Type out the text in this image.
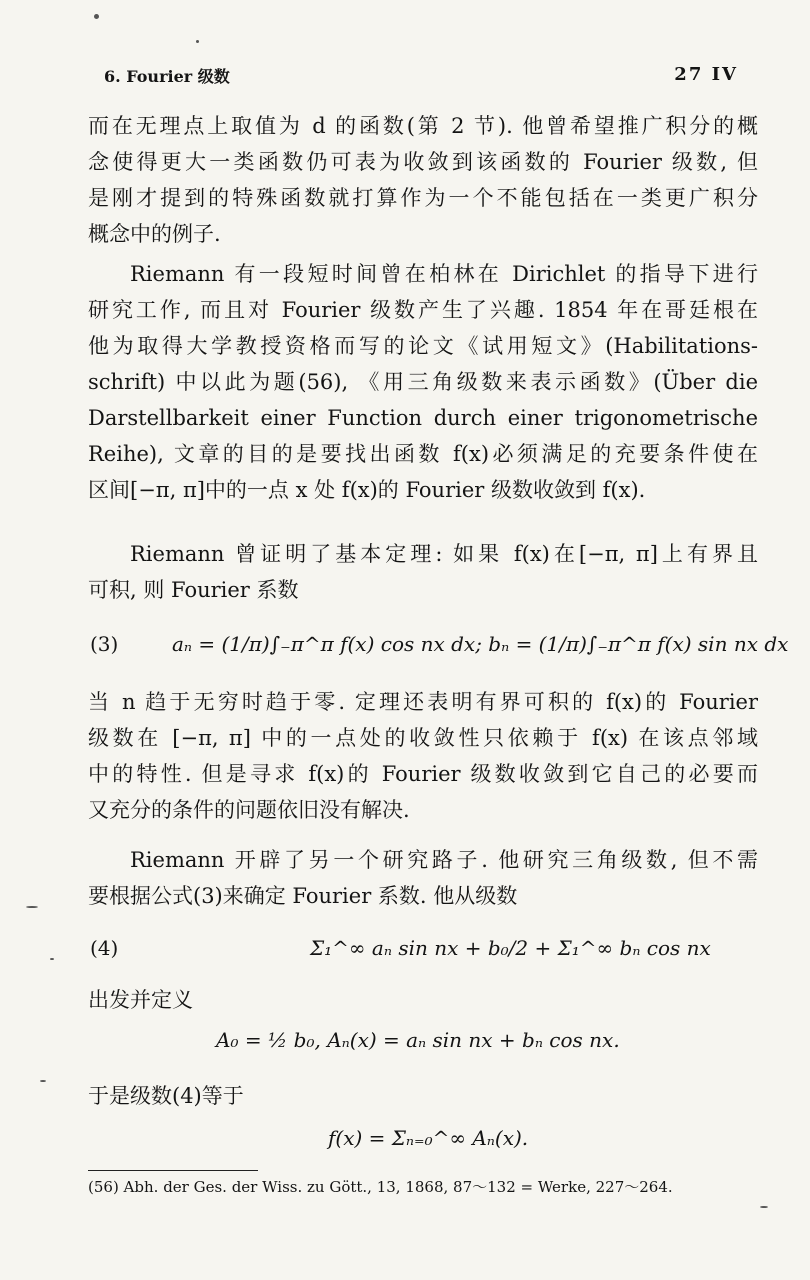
6. Fourier 级数	27 IV
而在无理点上取值为 d 的函数(第 2 节). 他曾希望推广积分的概
念使得更大一类函数仍可表为收敛到该函数的 Fourier 级数, 但
是刚才提到的特殊函数就打算作为一个不能包括在一类更广积分
概念中的例子.
Riemann 有一段短时间曾在柏林在 Dirichlet 的指导下进行
研究工作, 而且对 Fourier 级数产生了兴趣. 1854 年在哥廷根在
他为取得大学教授资格而写的论文《试用短文》(Habilitations-
schrift) 中以此为题(56), 《用三角级数来表示函数》(Über die
Darstellbarkeit einer Function durch einer trigonometrische
Reihe), 文章的目的是要找出函数 f(x)必须满足的充要条件使在
区间[−π, π]中的一点 x 处 f(x)的 Fourier 级数收敛到 f(x).
Riemann 曾证明了基本定理: 如果 f(x)在[−π, π]上有界且
可积, 则 Fourier 系数
(3)	aₙ = (1/π)∫₋π^π f(x) cos nx dx; bₙ = (1/π)∫₋π^π f(x) sin nx dx
当 n 趋于无穷时趋于零. 定理还表明有界可积的 f(x)的 Fourier
级数在 [−π, π] 中的一点处的收敛性只依赖于 f(x) 在该点邻域
中的特性. 但是寻求 f(x)的 Fourier 级数收敛到它自己的必要而
又充分的条件的问题依旧没有解决.
Riemann 开辟了另一个研究路子. 他研究三角级数, 但不需
要根据公式(3)来确定 Fourier 系数. 他从级数
(4)	Σ₁^∞ aₙ sin nx + b₀/2 + Σ₁^∞ bₙ cos nx
出发并定义
A₀ = ½ b₀, Aₙ(x) = aₙ sin nx + bₙ cos nx.
于是级数(4)等于
f(x) = Σₙ₌₀^∞ Aₙ(x).
(56) Abh. der Ges. der Wiss. zu Gött., 13, 1868, 87～132 = Werke, 227～264.
